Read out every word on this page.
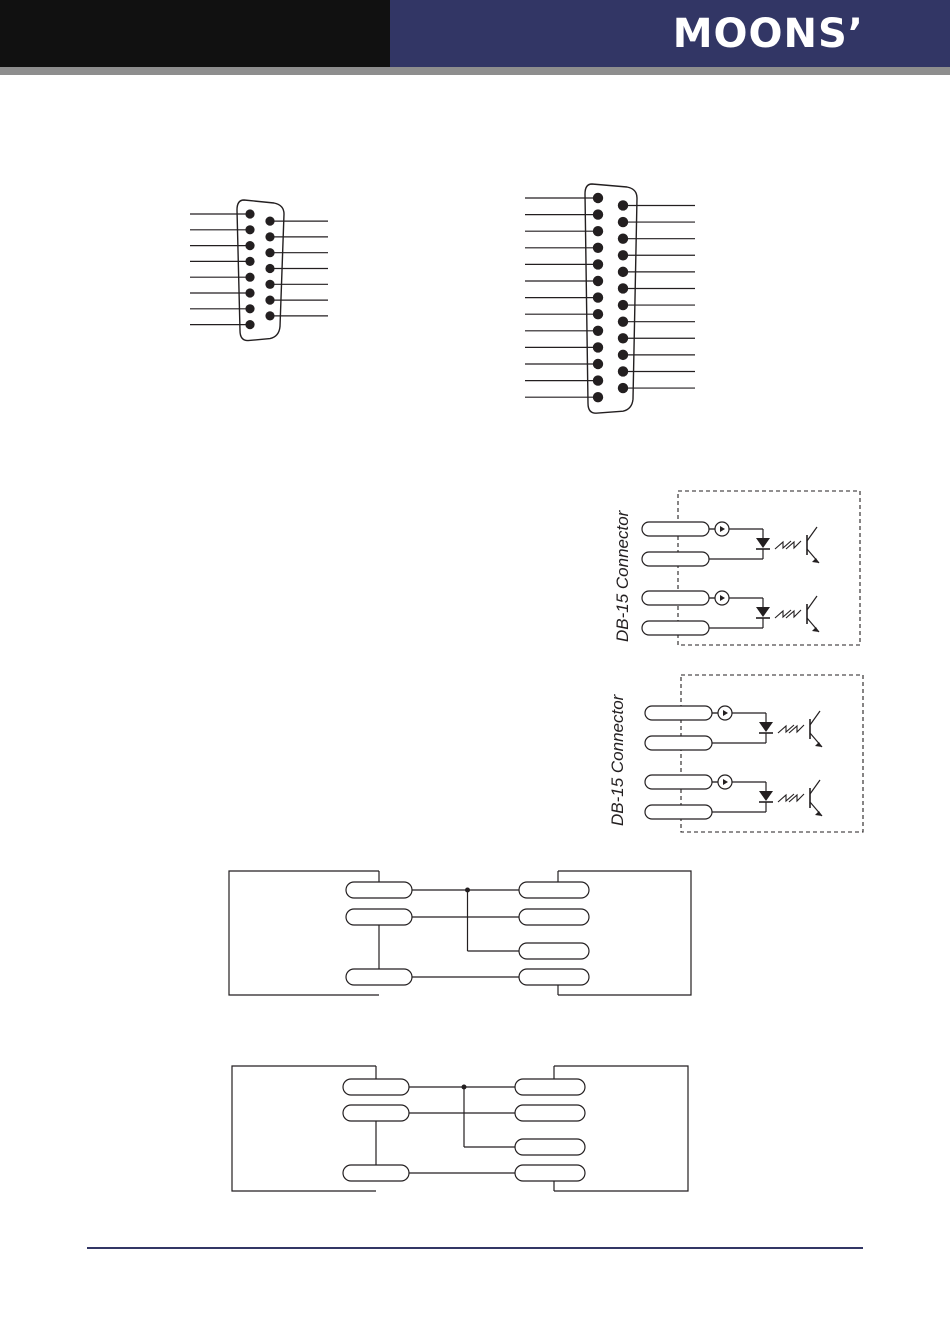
MOONS’
DB-15 Connector
DB-15 Connector
